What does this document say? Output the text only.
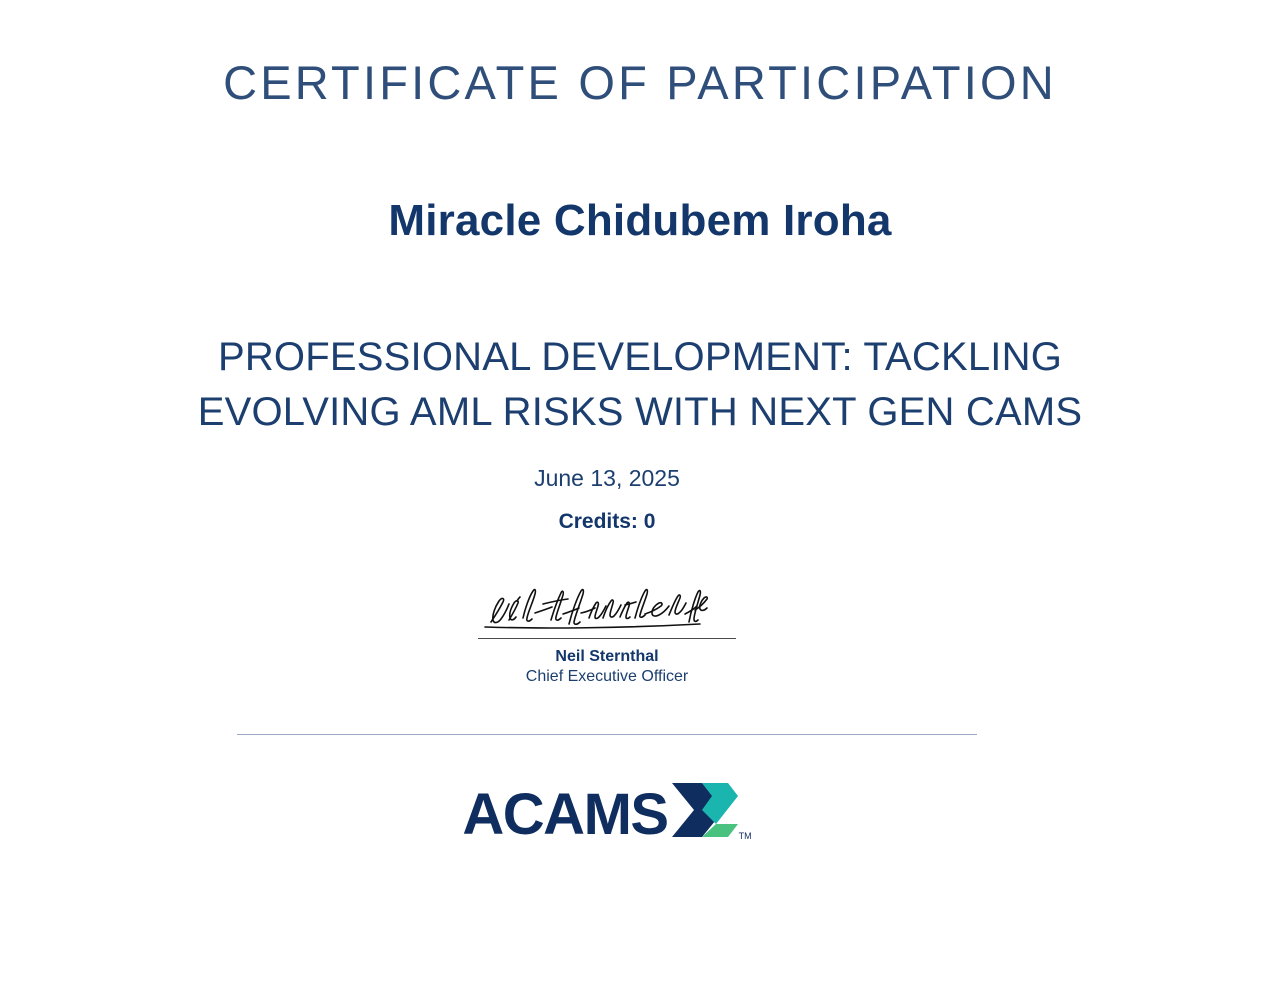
CERTIFICATE OF PARTICIPATION
Miracle Chidubem Iroha
PROFESSIONAL DEVELOPMENT: TACKLING EVOLVING AML RISKS WITH NEXT GEN CAMS
June 13, 2025
Credits: 0
Neil Sternthal
Chief Executive Officer
ACAMS	TM
